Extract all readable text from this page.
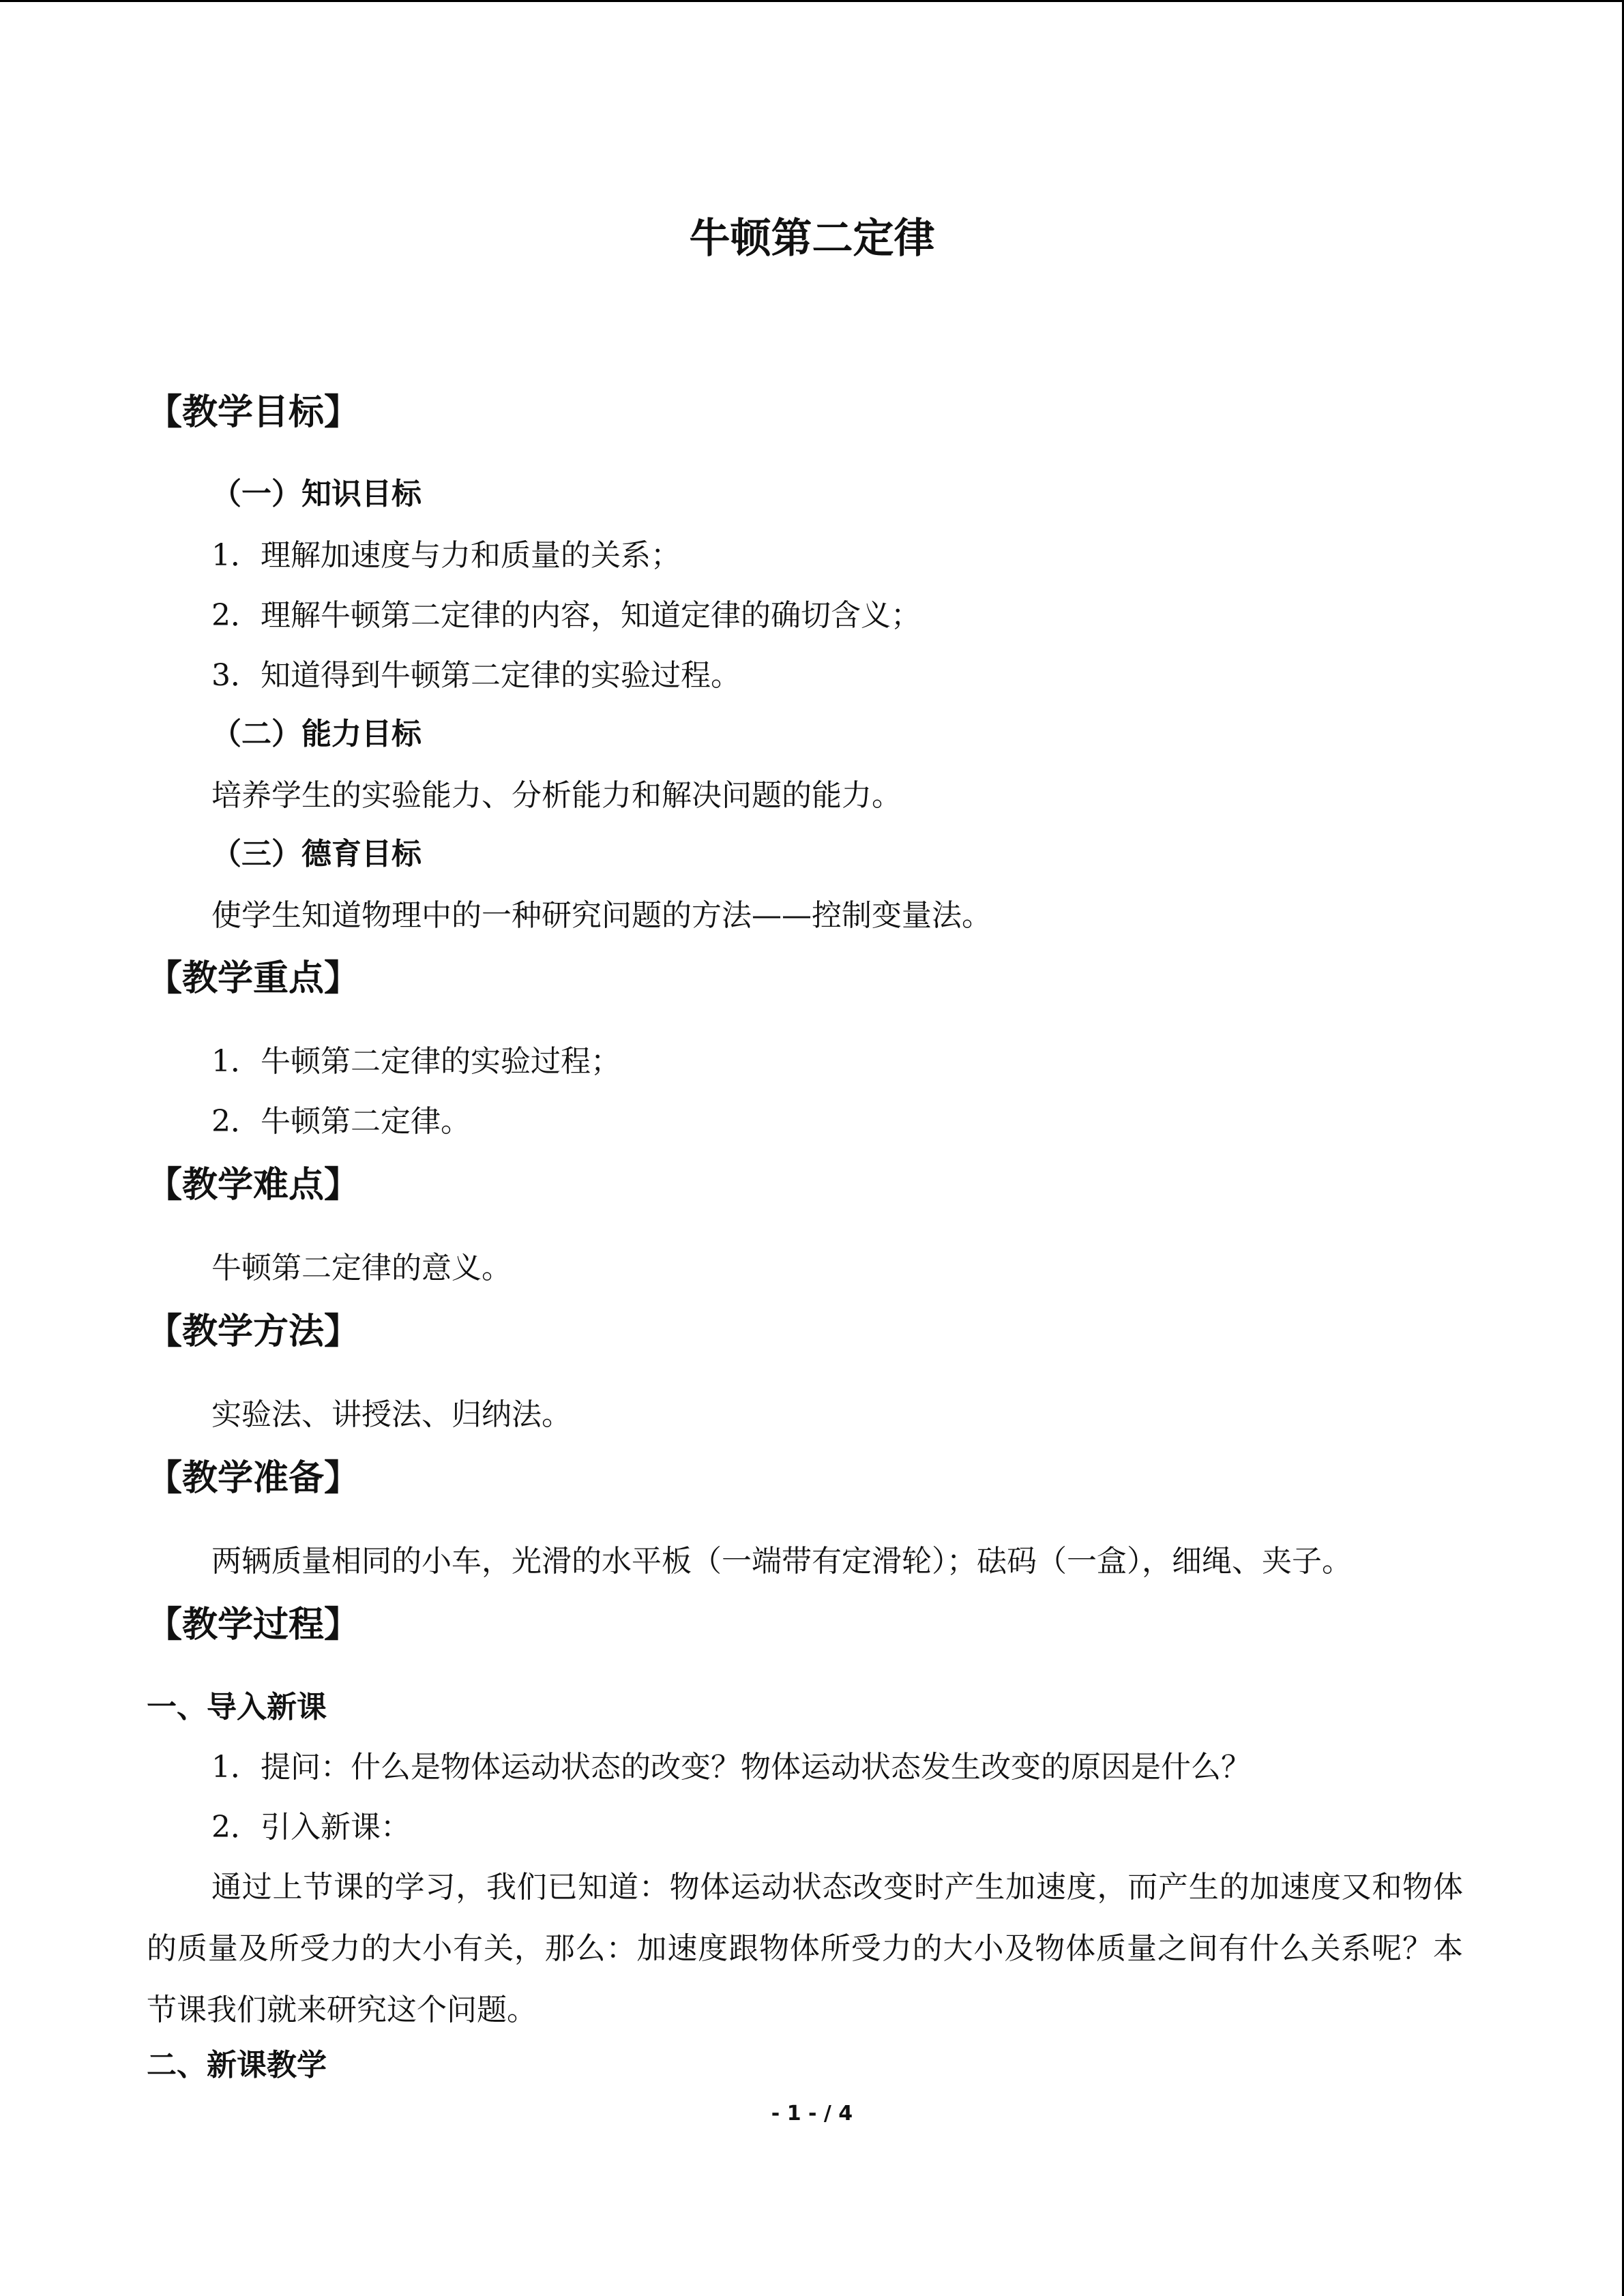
牛顿第二定律
【教学目标】
（一）知识目标

1．理解加速度与力和质量的关系；

2．理解牛顿第二定律的内容，知道定律的确切含义；

3．知道得到牛顿第二定律的实验过程。

（二）能力目标

培养学生的实验能力、分析能力和解决问题的能力。

（三）德育目标

使学生知道物理中的一种研究问题的方法——控制变量法。

【教学重点】

1．牛顿第二定律的实验过程；

2．牛顿第二定律。

【教学难点】

牛顿第二定律的意义。

【教学方法】

实验法、讲授法、归纳法。

【教学准备】

两辆质量相同的小车，光滑的水平板（一端带有定滑轮）；砝码（一盒），细绳、夹子。

【教学过程】
一、导入新课

1．提问：什么是物体运动状态的改变？物体运动状态发生改变的原因是什么？

2．引入新课：

通过上节课的学习，我们已知道：物体运动状态改变时产生加速度，而产生的加速度又和物体的质量及所受力的大小有关，那么：加速度跟物体所受力的大小及物体质量之间有什么关系呢？本节课我们就来研究这个问题。

二、新课教学
- 1 - / 4
